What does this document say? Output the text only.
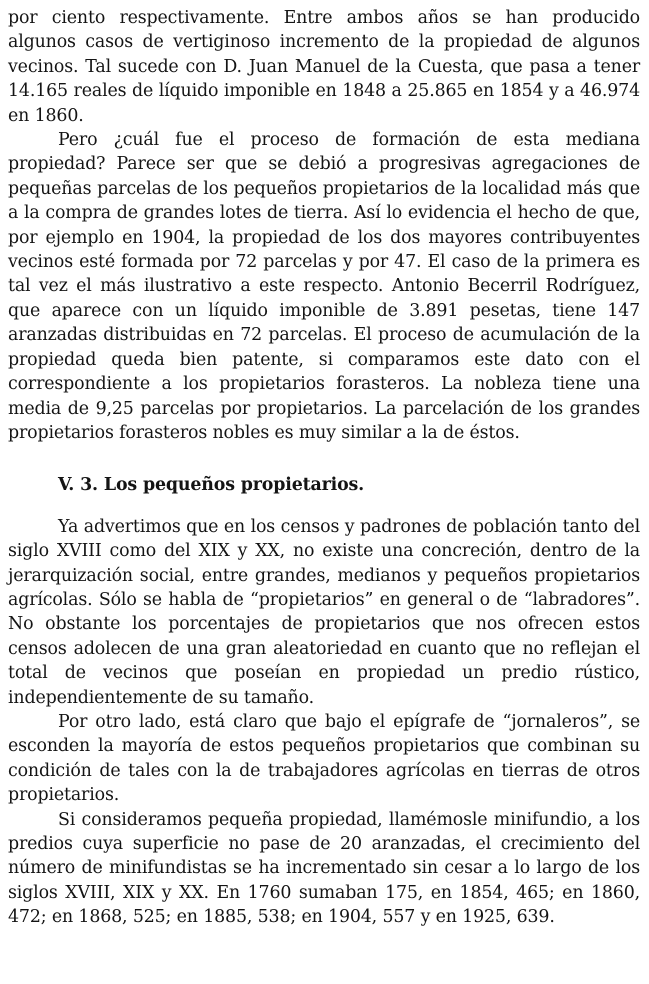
por ciento respectivamente. Entre ambos años se han producido algunos casos de vertiginoso incremento de la propiedad de algunos vecinos. Tal sucede con D. Juan Manuel de la Cuesta, que pasa a tener 14.165 reales de líquido imponible en 1848 a 25.865 en 1854 y a 46.974 en 1860.

Pero ¿cuál fue el proceso de formación de esta mediana propiedad? Parece ser que se debió a progresivas agregaciones de pequeñas parcelas de los pequeños propietarios de la localidad más que a la compra de grandes lotes de tierra. Así lo evidencia el hecho de que, por ejemplo en 1904, la propiedad de los dos mayores contribuyentes vecinos esté formada por 72 parcelas y por 47. El caso de la primera es tal vez el más ilustrativo a este respecto. Antonio Becerril Rodríguez, que aparece con un líquido imponible de 3.891 pesetas, tiene 147 aranzadas distribuidas en 72 parcelas. El proceso de acumulación de la propiedad queda bien patente, si comparamos este dato con el correspondiente a los propietarios forasteros. La nobleza tiene una media de 9,25 parcelas por propietarios. La parcelación de los grandes propietarios forasteros nobles es muy similar a la de éstos.

V. 3. Los pequeños propietarios.

Ya advertimos que en los censos y padrones de población tanto del siglo XVIII como del XIX y XX, no existe una concreción, dentro de la jerarquización social, entre grandes, medianos y pequeños propietarios agrícolas. Sólo se habla de “propietarios” en general o de “labradores”. No obstante los porcentajes de propietarios que nos ofrecen estos censos adolecen de una gran aleatoriedad en cuanto que no reflejan el total de vecinos que poseían en propiedad un predio rústico, independientemente de su tamaño.

Por otro lado, está claro que bajo el epígrafe de “jornaleros”, se esconden la mayoría de estos pequeños propietarios que combinan su condición de tales con la de trabajadores agrícolas en tierras de otros propietarios.

Si consideramos pequeña propiedad, llamémosle minifundio, a los predios cuya superficie no pase de 20 aranzadas, el crecimiento del número de minifundistas se ha incrementado sin cesar a lo largo de los siglos XVIII, XIX y XX. En 1760 sumaban 175, en 1854, 465; en 1860, 472; en 1868, 525; en 1885, 538; en 1904, 557 y en 1925, 639.
